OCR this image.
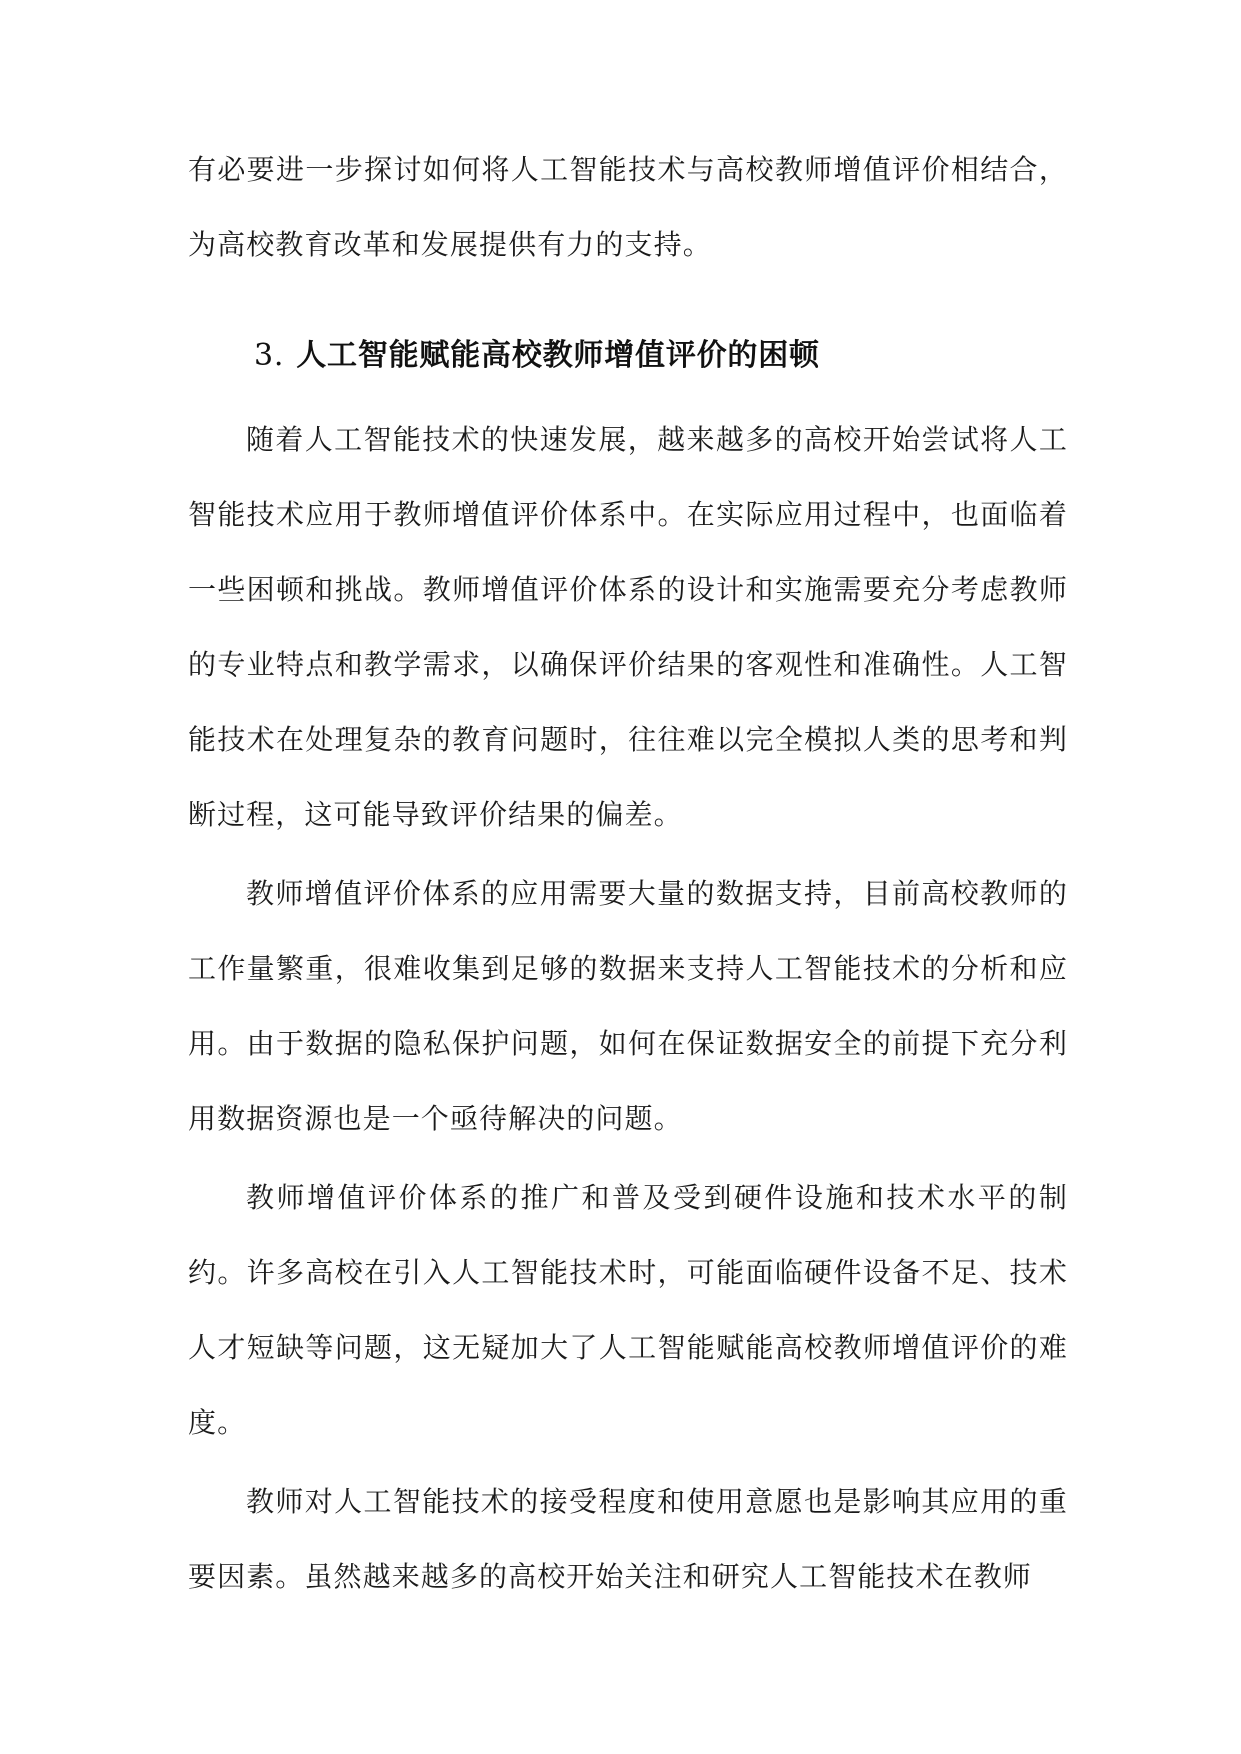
有必要进一步探讨如何将人工智能技术与高校教师增值评价相结合，为高校教育改革和发展提供有力的支持。

3. 人工智能赋能高校教师增值评价的困顿

随着人工智能技术的快速发展，越来越多的高校开始尝试将人工智能技术应用于教师增值评价体系中。在实际应用过程中，也面临着一些困顿和挑战。教师增值评价体系的设计和实施需要充分考虑教师的专业特点和教学需求，以确保评价结果的客观性和准确性。人工智能技术在处理复杂的教育问题时，往往难以完全模拟人类的思考和判断过程，这可能导致评价结果的偏差。

教师增值评价体系的应用需要大量的数据支持，目前高校教师的工作量繁重，很难收集到足够的数据来支持人工智能技术的分析和应用。由于数据的隐私保护问题，如何在保证数据安全的前提下充分利用数据资源也是一个亟待解决的问题。

教师增值评价体系的推广和普及受到硬件设施和技术水平的制约。许多高校在引入人工智能技术时，可能面临硬件设备不足、技术人才短缺等问题，这无疑加大了人工智能赋能高校教师增值评价的难度。

教师对人工智能技术的接受程度和使用意愿也是影响其应用的重要因素。虽然越来越多的高校开始关注和研究人工智能技术在教师
